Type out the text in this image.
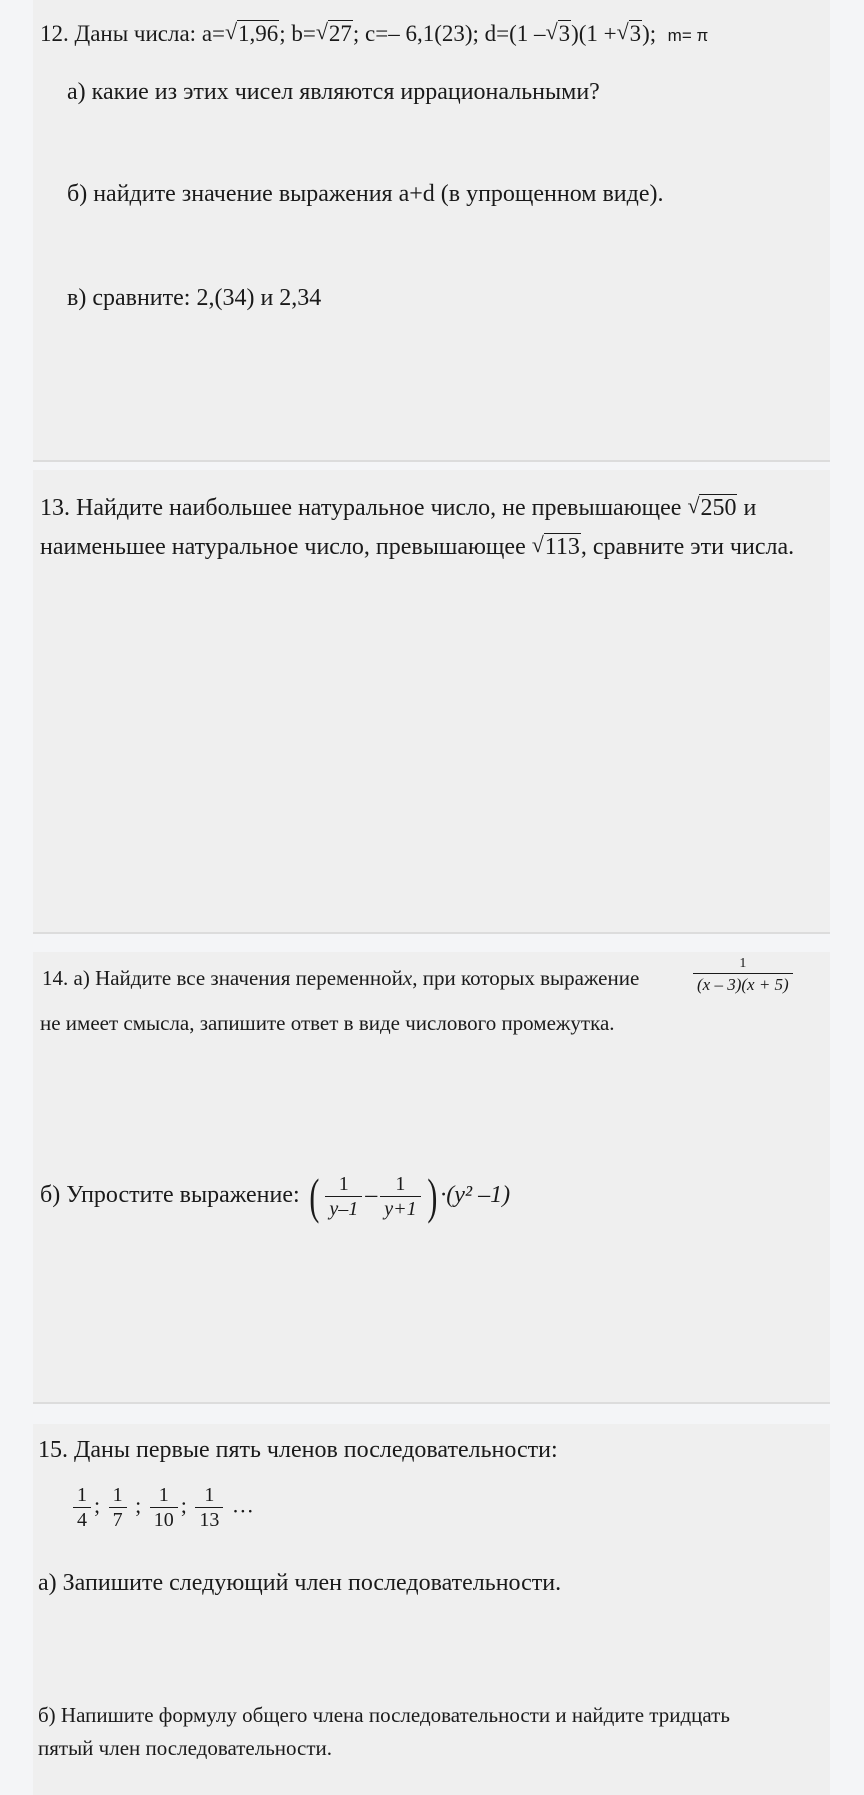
12. Даны числа: a= √ 1,96; b= √ 27; c=– 6,1(23); d=(1 – √ 3)(1 + √ 3); m= π
а) какие из этих чисел являются иррациональными?
б) найдите значение выражения a+d (в упрощенном виде).
в) сравните: 2,(34) и 2,34
13. Найдите наибольшее натуральное число, не превышающее √ 250 и
наименьшее натуральное число, превышающее √ 113, сравните эти числа.
14. а) Найдите все значения переменнойx, при которых выражение	$\frac{1}{(x - 3)(x + 5)}$
не имеет смысла, запишите ответ в виде числового промежутка.
б) Упростите выражение: ( $\frac{1}{y-1} - \frac{1}{y+1}$ ) ·(y² –1)
15. Даны первые пять членов последовательности:
$\frac{1}{4}$ ; $\frac{1}{7}$ ; $\frac{1}{10}$ ; $\frac{1}{13}$ …
а) Запишите следующий член последовательности.
б) Напишите формулу общего члена последовательности и найдите тридцать
пятый член последовательности.
